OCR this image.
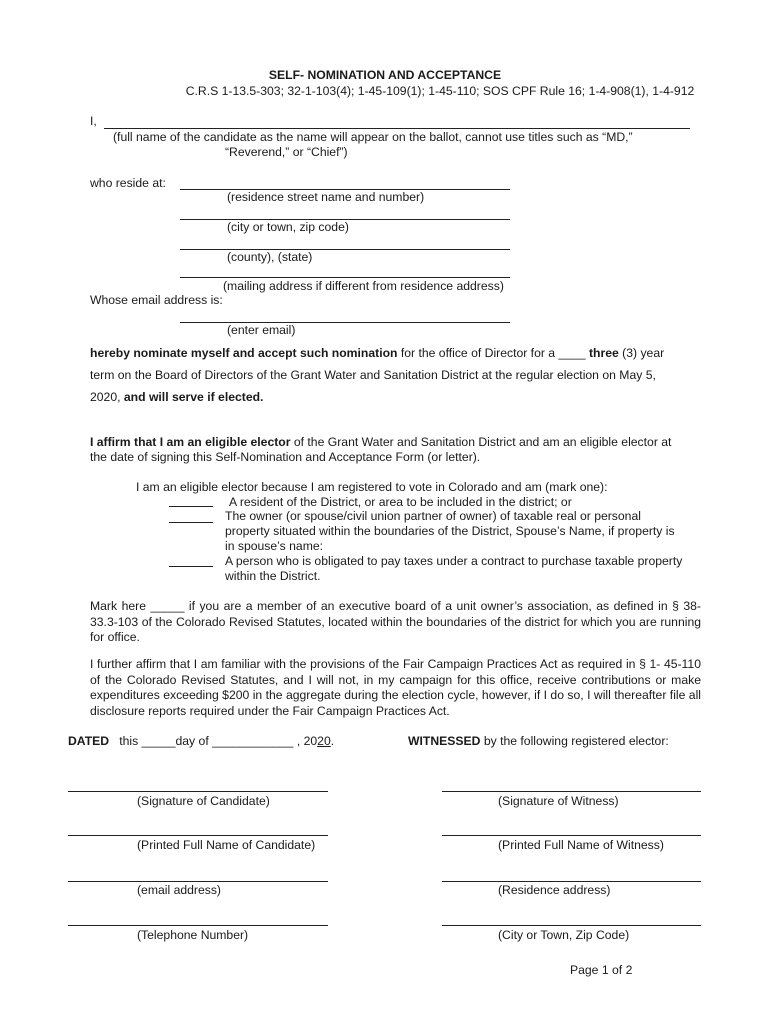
SELF- NOMINATION AND ACCEPTANCE
C.R.S 1-13.5-303; 32-1-103(4); 1-45-109(1); 1-45-110; SOS CPF Rule 16; 1-4-908(1), 1-4-912
I,
(full name of the candidate as the name will appear on the ballot, cannot use titles such as “MD,”
“Reverend,” or “Chief”)
who reside at:
(residence street name and number)
(city or town, zip code)
(county), (state)
(mailing address if different from residence address)
Whose email address is:
(enter email)
hereby nominate myself and accept such nomination for the office of Director for a ____ three (3) year
term on the Board of Directors of the Grant Water and Sanitation District at the regular election on May 5,
2020, and will serve if elected.
I affirm that I am an eligible elector of the Grant Water and Sanitation District and am an eligible elector at
the date of signing this Self-Nomination and Acceptance Form (or letter).
I am an eligible elector because I am registered to vote in Colorado and am (mark one):
A resident of the District, or area to be included in the district; or
The owner (or spouse/civil union partner of owner) of taxable real or personal
property situated within the boundaries of the District, Spouse’s Name, if property is
in spouse’s name:
A person who is obligated to pay taxes under a contract to purchase taxable property
within the District.
Mark here _____ if you are a member of an executive board of a unit owner’s association, as defined in § 38-33.3-103 of the Colorado Revised Statutes, located within the boundaries of the district for which you are running for office.
I further affirm that I am familiar with the provisions of the Fair Campaign Practices Act as required in § 1- 45-110 of the Colorado Revised Statutes, and I will not, in my campaign for this office, receive contributions or make expenditures exceeding $200 in the aggregate during the election cycle, however, if I do so, I will thereafter file all disclosure reports required under the Fair Campaign Practices Act.
DATED this _____day of ____________ , 2020.	WITNESSED by the following registered elector:
(Signature of Candidate)	(Signature of Witness)
(Printed Full Name of Candidate)	(Printed Full Name of Witness)
(email address)	(Residence address)
(Telephone Number)	(City or Town, Zip Code)
Page 1 of 2
